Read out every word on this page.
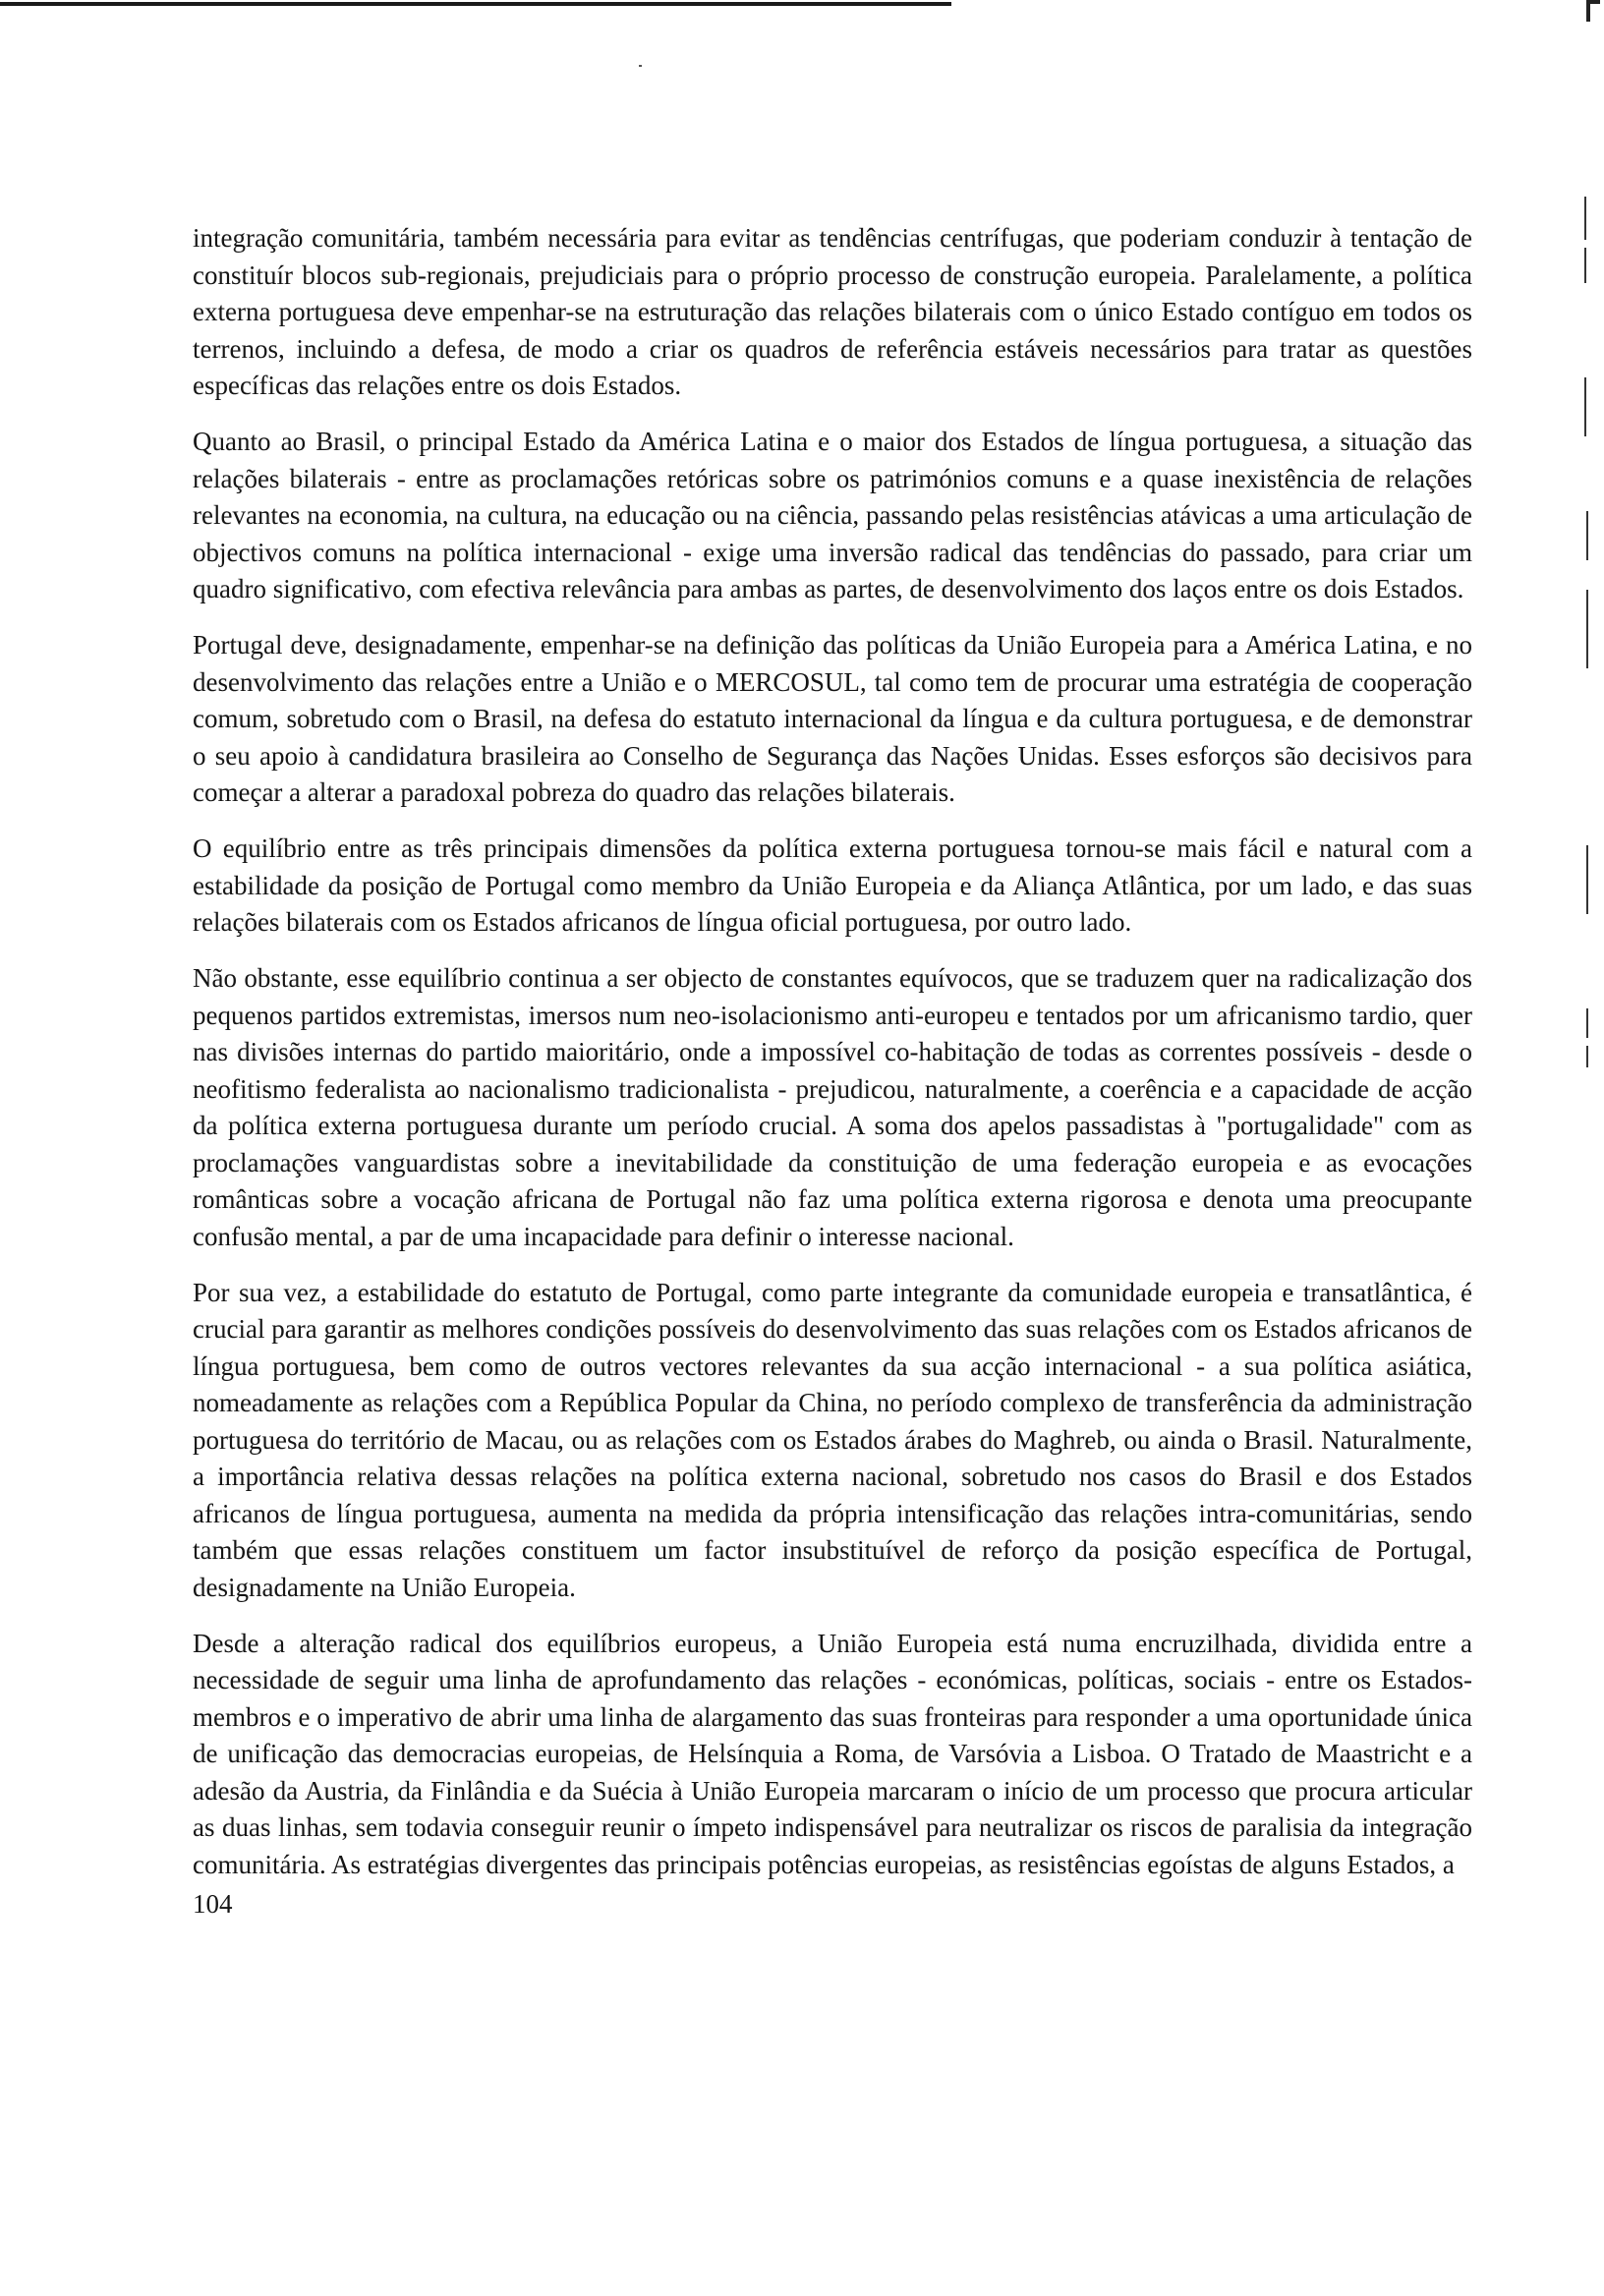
integração comunitária, também necessária para evitar as tendências centrífugas, que poderiam conduzir à tentação de constituír blocos sub-regionais, prejudiciais para o próprio processo de construção europeia. Paralelamente, a política externa portuguesa deve empenhar-se na estruturação das relações bilaterais com o único Estado contíguo em todos os terrenos, incluindo a defesa, de modo a criar os quadros de referência estáveis necessários para tratar as questões específicas das relações entre os dois Estados.

Quanto ao Brasil, o principal Estado da América Latina e o maior dos Estados de língua portuguesa, a situação das relações bilaterais - entre as proclamações retóricas sobre os patrimónios comuns e a quase inexistência de relações relevantes na economia, na cultura, na educação ou na ciência, passando pelas resistências atávicas a uma articulação de objectivos comuns na política internacional - exige uma inversão radical das tendências do passado, para criar um quadro significativo, com efectiva relevância para ambas as partes, de desenvolvimento dos laços entre os dois Estados.

Portugal deve, designadamente, empenhar-se na definição das políticas da União Europeia para a América Latina, e no desenvolvimento das relações entre a União e o MERCOSUL, tal como tem de procurar uma estratégia de cooperação comum, sobretudo com o Brasil, na defesa do estatuto internacional da língua e da cultura portuguesa, e de demonstrar o seu apoio à candidatura brasileira ao Conselho de Segurança das Nações Unidas. Esses esforços são decisivos para começar a alterar a paradoxal pobreza do quadro das relações bilaterais.

O equilíbrio entre as três principais dimensões da política externa portuguesa tornou-se mais fácil e natural com a estabilidade da posição de Portugal como membro da União Europeia e da Aliança Atlântica, por um lado, e das suas relações bilaterais com os Estados africanos de língua oficial portuguesa, por outro lado.

Não obstante, esse equilíbrio continua a ser objecto de constantes equívocos, que se traduzem quer na radicalização dos pequenos partidos extremistas, imersos num neo-isolacionismo anti-europeu e tentados por um africanismo tardio, quer nas divisões internas do partido maioritário, onde a impossível co-habitação de todas as correntes possíveis - desde o neofitismo federalista ao nacionalismo tradicionalista - prejudicou, naturalmente, a coerência e a capacidade de acção da política externa portuguesa durante um período crucial. A soma dos apelos passadistas à "portugalidade" com as proclamações vanguardistas sobre a inevitabilidade da constituição de uma federação europeia e as evocações românticas sobre a vocação africana de Portugal não faz uma política externa rigorosa e denota uma preocupante confusão mental, a par de uma incapacidade para definir o interesse nacional.

Por sua vez, a estabilidade do estatuto de Portugal, como parte integrante da comunidade europeia e transatlântica, é crucial para garantir as melhores condições possíveis do desenvolvimento das suas relações com os Estados africanos de língua portuguesa, bem como de outros vectores relevantes da sua acção internacional - a sua política asiática, nomeadamente as relações com a República Popular da China, no período complexo de transferência da administração portuguesa do território de Macau, ou as relações com os Estados árabes do Maghreb, ou ainda o Brasil. Naturalmente, a importância relativa dessas relações na política externa nacional, sobretudo nos casos do Brasil e dos Estados africanos de língua portuguesa, aumenta na medida da própria intensificação das relações intra-comunitárias, sendo também que essas relações constituem um factor insubstituível de reforço da posição específica de Portugal, designadamente na União Europeia.

Desde a alteração radical dos equilíbrios europeus, a União Europeia está numa encruzilhada, dividida entre a necessidade de seguir uma linha de aprofundamento das relações - económicas, políticas, sociais - entre os Estados-membros e o imperativo de abrir uma linha de alargamento das suas fronteiras para responder a uma oportunidade única de unificação das democracias europeias, de Helsínquia a Roma, de Varsóvia a Lisboa. O Tratado de Maastricht e a adesão da Austria, da Finlândia e da Suécia à União Europeia marcaram o início de um processo que procura articular as duas linhas, sem todavia conseguir reunir o ímpeto indispensável para neutralizar os riscos de paralisia da integração comunitária. As estratégias divergentes das principais potências europeias, as resistências egoístas de alguns Estados, a

104
